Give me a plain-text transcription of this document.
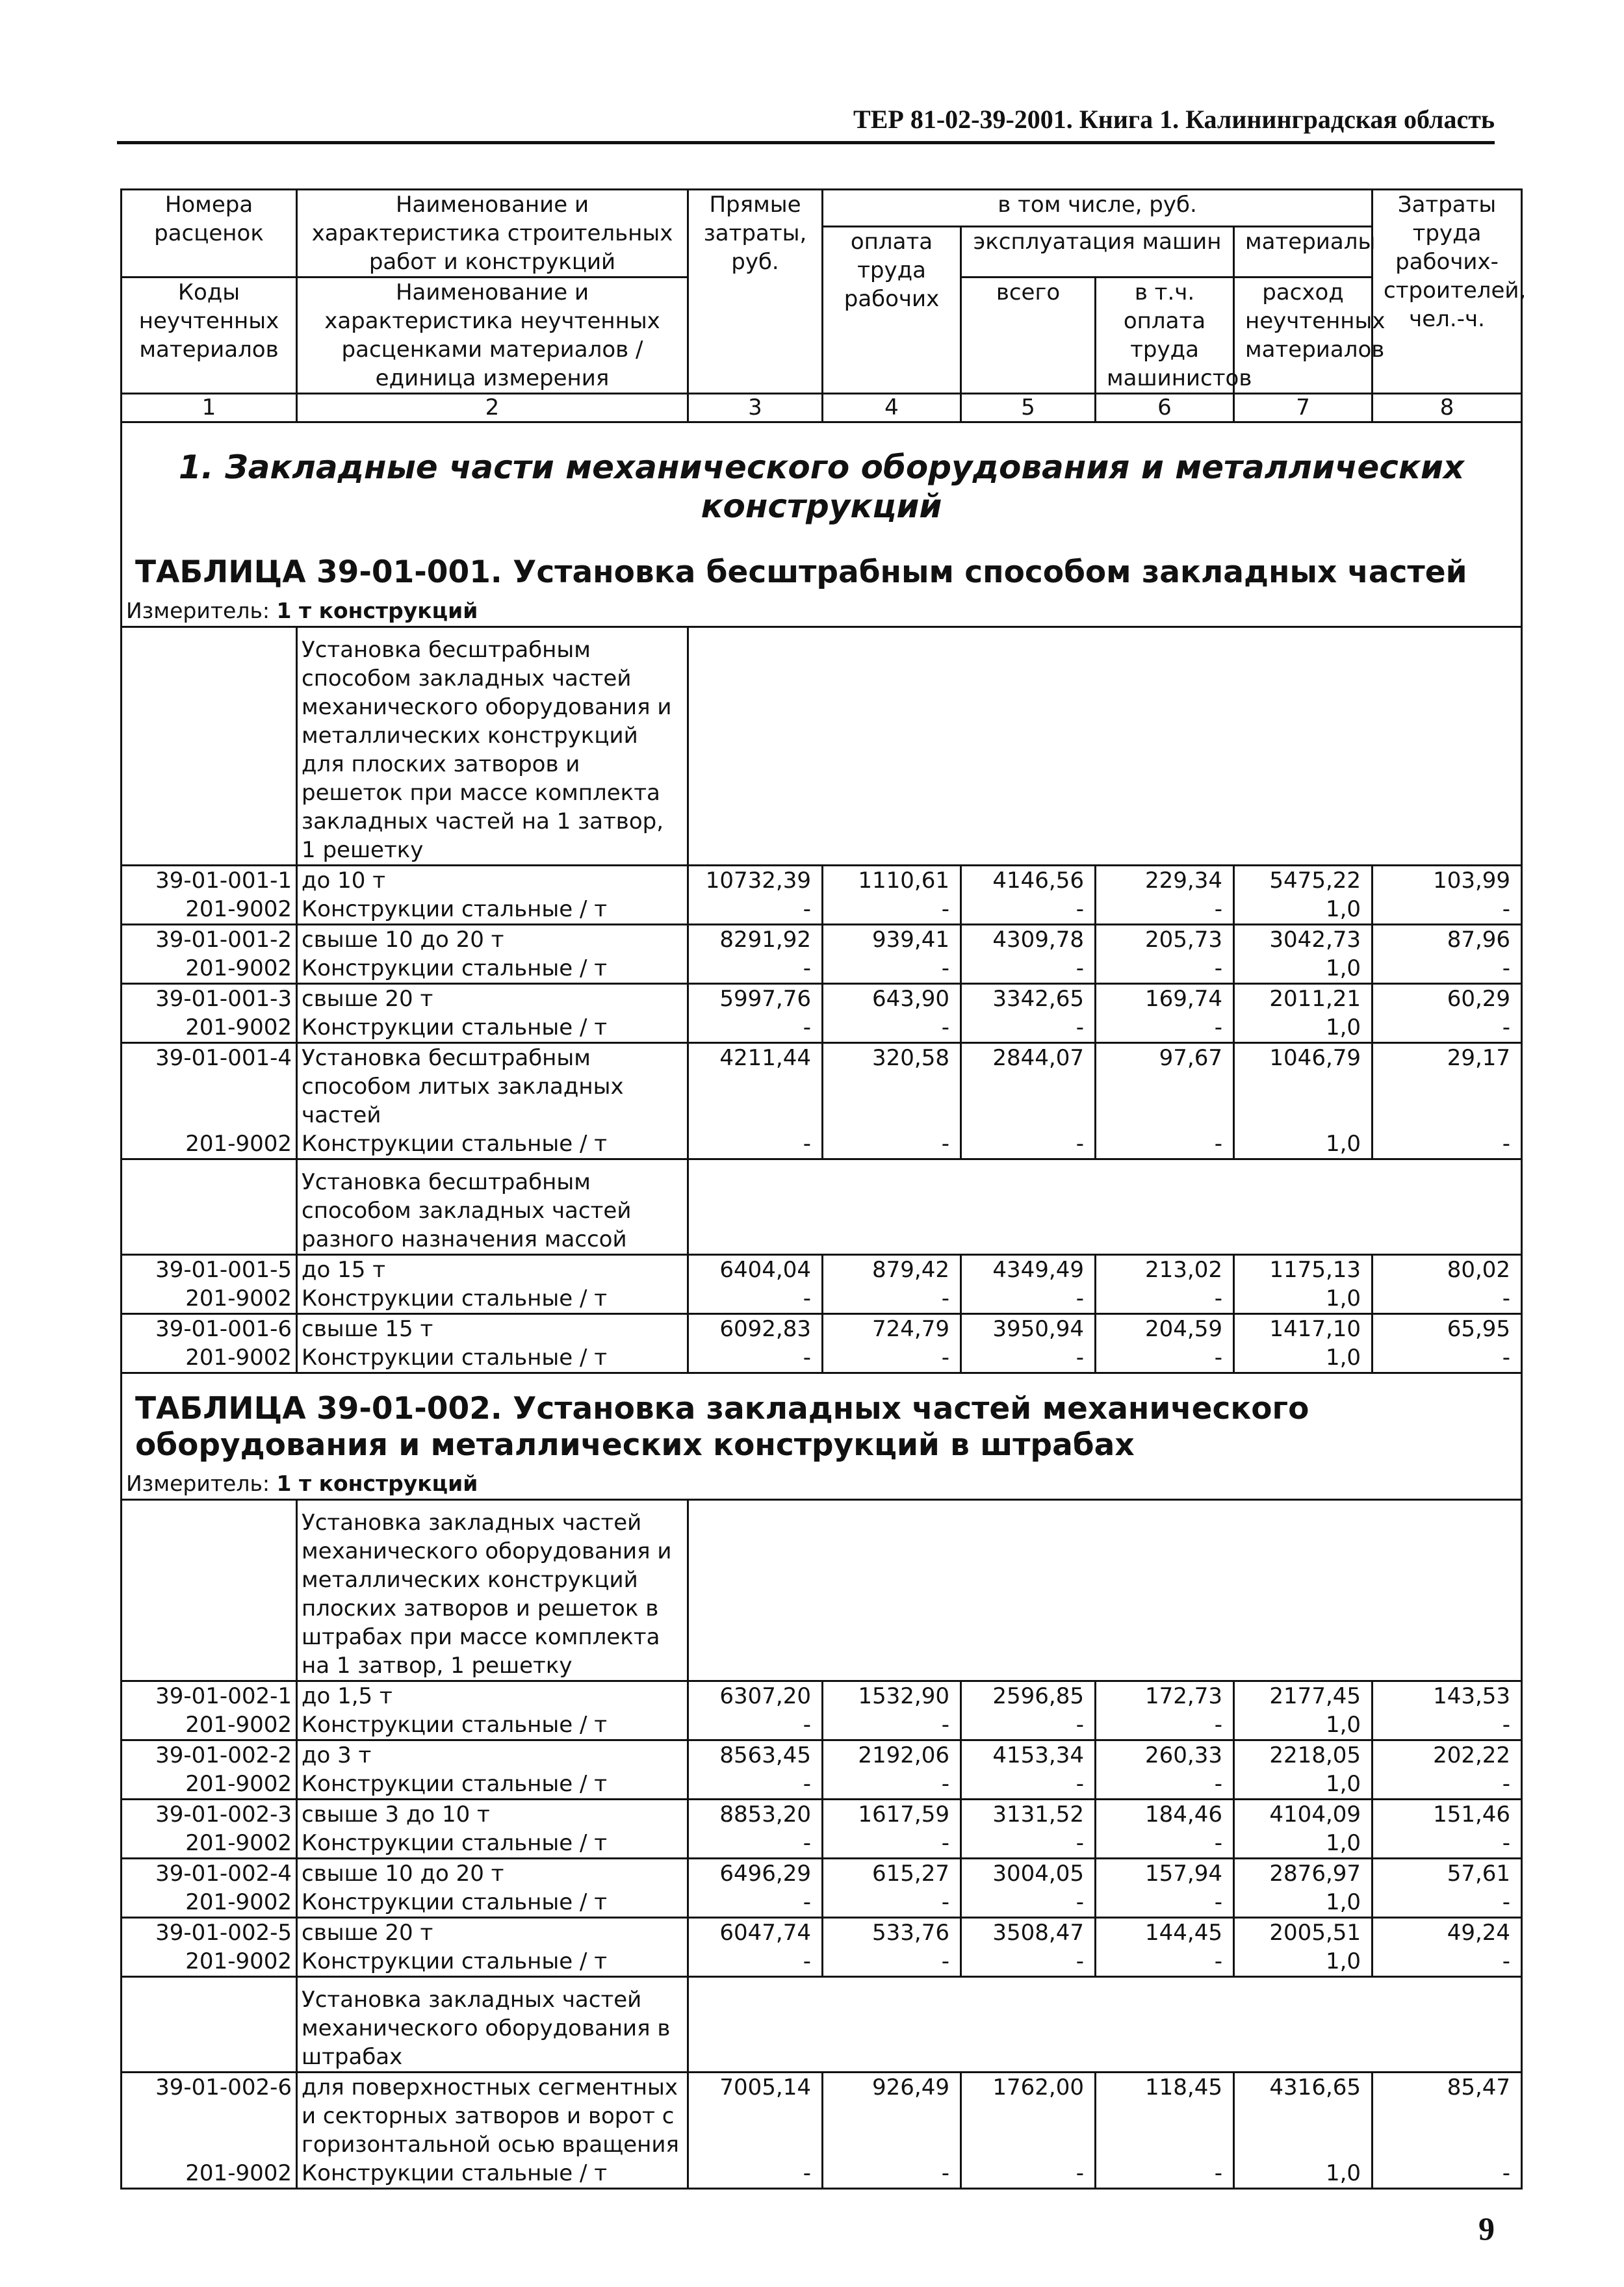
ТЕР 81-02-39-2001. Книга 1. Калининградская область
Номера расценок	Наименование и характеристика строительных работ и конструкций	Прямые затраты, руб.	в том числе, руб.				Затраты труда рабочих-строителей, чел.-ч.
			оплата труда рабочих	эксплуатация машин		материалы	
Коды неучтенных материалов	Наименование и характеристика неучтенных расценками материалов / единица измерения			всего	в т.ч. оплата труда машинистов	расход неучтенных материалов	

1	2	3	4	5	6	7	8
1. Закладные части механического оборудования и металлических конструкций							
ТАБЛИЦА 39-01-001. Установка бесштрабным способом закладных частей							
Измеритель: 1 т конструкций							
	Установка бесштрабным способом закладных частей механического оборудования и металлических конструкций для плоских затворов и решеток при массе комплекта закладных частей на 1 затвор, 1 решетку						
39-01-001-1	до 10 т	10732,39	1110,61	4146,56	229,34	5475,22	103,99
201-9002	Конструкции стальные / т	-	-	-	-	1,0	-
39-01-001-2	свыше 10 до 20 т	8291,92	939,41	4309,78	205,73	3042,73	87,96
201-9002	Конструкции стальные / т	-	-	-	-	1,0	-
39-01-001-3	свыше 20 т	5997,76	643,90	3342,65	169,74	2011,21	60,29
201-9002	Конструкции стальные / т	-	-	-	-	1,0	-
39-01-001-4	Установка бесштрабным способом литых закладных частей	4211,44	320,58	2844,07	97,67	1046,79	29,17
201-9002	Конструкции стальные / т	-	-	-	-	1,0	-
	Установка бесштрабным способом закладных частей разного назначения массой						
39-01-001-5	до 15 т	6404,04	879,42	4349,49	213,02	1175,13	80,02
201-9002	Конструкции стальные / т	-	-	-	-	1,0	-
39-01-001-6	свыше 15 т	6092,83	724,79	3950,94	204,59	1417,10	65,95
201-9002	Конструкции стальные / т	-	-	-	-	1,0	-
ТАБЛИЦА 39-01-002. Установка закладных частей механического оборудования и металлических конструкций в штрабах							
Измеритель: 1 т конструкций							
	Установка закладных частей механического оборудования и металлических конструкций плоских затворов и решеток в штрабах при массе комплекта на 1 затвор, 1 решетку						
39-01-002-1	до 1,5 т	6307,20	1532,90	2596,85	172,73	2177,45	143,53
201-9002	Конструкции стальные / т	-	-	-	-	1,0	-
39-01-002-2	до 3 т	8563,45	2192,06	4153,34	260,33	2218,05	202,22
201-9002	Конструкции стальные / т	-	-	-	-	1,0	-
39-01-002-3	свыше 3 до 10 т	8853,20	1617,59	3131,52	184,46	4104,09	151,46
201-9002	Конструкции стальные / т	-	-	-	-	1,0	-
39-01-002-4	свыше 10 до 20 т	6496,29	615,27	3004,05	157,94	2876,97	57,61
201-9002	Конструкции стальные / т	-	-	-	-	1,0	-
39-01-002-5	свыше 20 т	6047,74	533,76	3508,47	144,45	2005,51	49,24
201-9002	Конструкции стальные / т	-	-	-	-	1,0	-
	Установка закладных частей механического оборудования в штрабах						
39-01-002-6	для поверхностных сегментных и секторных затворов и ворот с горизонтальной осью вращения	7005,14	926,49	1762,00	118,45	4316,65	85,47
201-9002	Конструкции стальные / т	-	-	-	-	1,0	-
9
